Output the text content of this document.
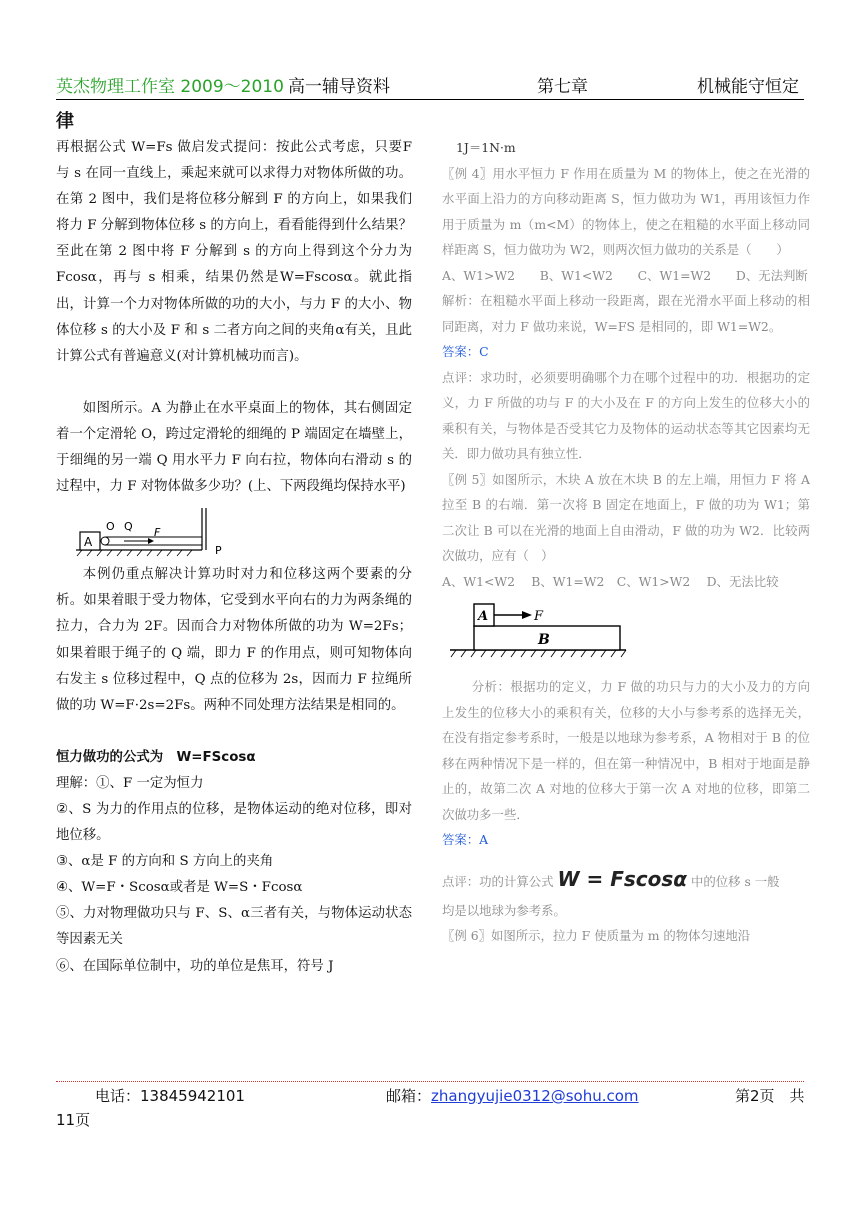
英杰物理工作室 2009～2010 高一辅导资料	第七章	机械能守恒定
律

再根据公式 W=Fs 做启发式提问：按此公式考虑，只要F 与 s 在同一直线上，乘起来就可以求得力对物体所做的功。在第 2 图中，我们是将位移分解到 F 的方向上，如果我们将力 F 分解到物体位移 s 的方向上，看看能得到什么结果？至此在第 2 图中将 F 分解到 s 的方向上得到这个分力为 Fcosα，再与 s 相乘，结果仍然是W=Fscosα。就此指出，计算一个力对物体所做的功的大小，与力 F 的大小、物体位移 s 的大小及 F 和 s 二者方向之间的夹角α有关，且此计算公式有普遍意义(对计算机械功而言)。

如图所示。A 为静止在水平桌面上的物体，其右侧固定着一个定滑轮 O，跨过定滑轮的细绳的 P 端固定在墙壁上，于细绳的另一端 Q 用水平力 F 向右拉，物体向右滑动 s 的过程中，力 F 对物体做多少功？(上、下两段绳均保持水平)

A
O Q F
P

本例仍重点解决计算功时对力和位移这两个要素的分析。如果着眼于受力物体，它受到水平向右的力为两条绳的拉力，合力为 2F。因而合力对物体所做的功为 W=2Fs；如果着眼于绳子的 Q 端，即力 F 的作用点，则可知物体向右发主 s 位移过程中，Q 点的位移为 2s，因而力 F 拉绳所做的功 W=F·2s=2Fs。两种不同处理方法结果是相同的。

恒力做功的公式为　W=FScosα

理解：①、F 一定为恒力

②、S 为力的作用点的位移，是物体运动的绝对位移，即对地位移。

③、α是 F 的方向和 S 方向上的夹角

④、W=F・Scosα或者是 W=S・Fcosα

⑤、力对物理做功只与 F、S、α三者有关，与物体运动状态等因素无关

⑥、在国际单位制中，功的单位是焦耳，符号 J

1J＝1N·m

〖例 4〗用水平恒力 F 作用在质量为 M 的物体上，使之在光滑的水平面上沿力的方向移动距离 S，恒力做功为 W1，再用该恒力作用于质量为 m（m<M）的物体上，使之在粗糙的水平面上移动同样距离 S，恒力做功为 W2，则两次恒力做功的关系是（　　）

A、W1>W2　　B、W1<W2　　C、W1=W2　　D、无法判断

解析：在粗糙水平面上移动一段距离，跟在光滑水平面上移动的相同距离，对力 F 做功来说，W=FS 是相同的，即 W1=W2。

答案：C

点评：求功时，必须要明确哪个力在哪个过程中的功．根据功的定义，力 F 所做的功与 F 的大小及在 F 的方向上发生的位移大小的乘积有关，与物体是否受其它力及物体的运动状态等其它因素均无关．即力做功具有独立性．

〖例 5〗如图所示，木块 A 放在木块 B 的左上端，用恒力 F 将 A 拉至 B 的右端．第一次将 B 固定在地面上，F 做的功为 W1；第二次让 B 可以在光滑的地面上自由滑动，F 做的功为 W2．比较两次做功，应有（　）

A、W1<W2　 B、W1=W2　C、W1>W2　 D、无法比较

B
A	F

分析：根据功的定义，力 F 做的功只与力的大小及力的方向上发生的位移大小的乘积有关，位移的大小与参考系的选择无关，在没有指定参考系时，一般是以地球为参考系，A 物相对于 B 的位移在两种情况下是一样的，但在第一种情况中，B 相对于地面是静止的，故第二次 A 对地的位移大于第一次 A 对地的位移，即第二次做功多一些．

答案：A

点评：功的计算公式 W = Fscosα 中的位移 s 一般

均是以地球为参考系。

〖例 6〗如图所示，拉力 F 使质量为 m 的物体匀速地沿

电话：13845942101	邮箱：zhangyujie0312@sohu.com	第2页　共
11页
